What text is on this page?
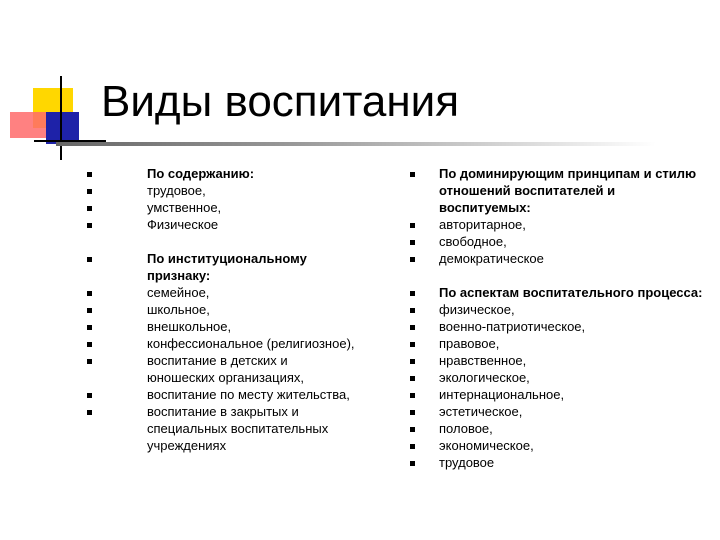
Виды воспитания
По содержанию:
трудовое,
умственное,
Физическое
По институциональному признаку:
семейное,
школьное,
внешкольное,
конфессиональное (религиозное),
воспитание в детских и юношеских организациях,
воспитание по месту жительства,
воспитание в закрытых и специальных воспитательных учреждениях
По доминирующим принципам и стилю отношений воспитателей и воспитуемых:
авторитарное,
свободное,
демократическое
По аспектам воспитательного процесса:
физическое,
военно-патриотическое,
правовое,
нравственное,
экологическое,
интернациональное,
эстетическое,
половое,
экономическое,
трудовое
